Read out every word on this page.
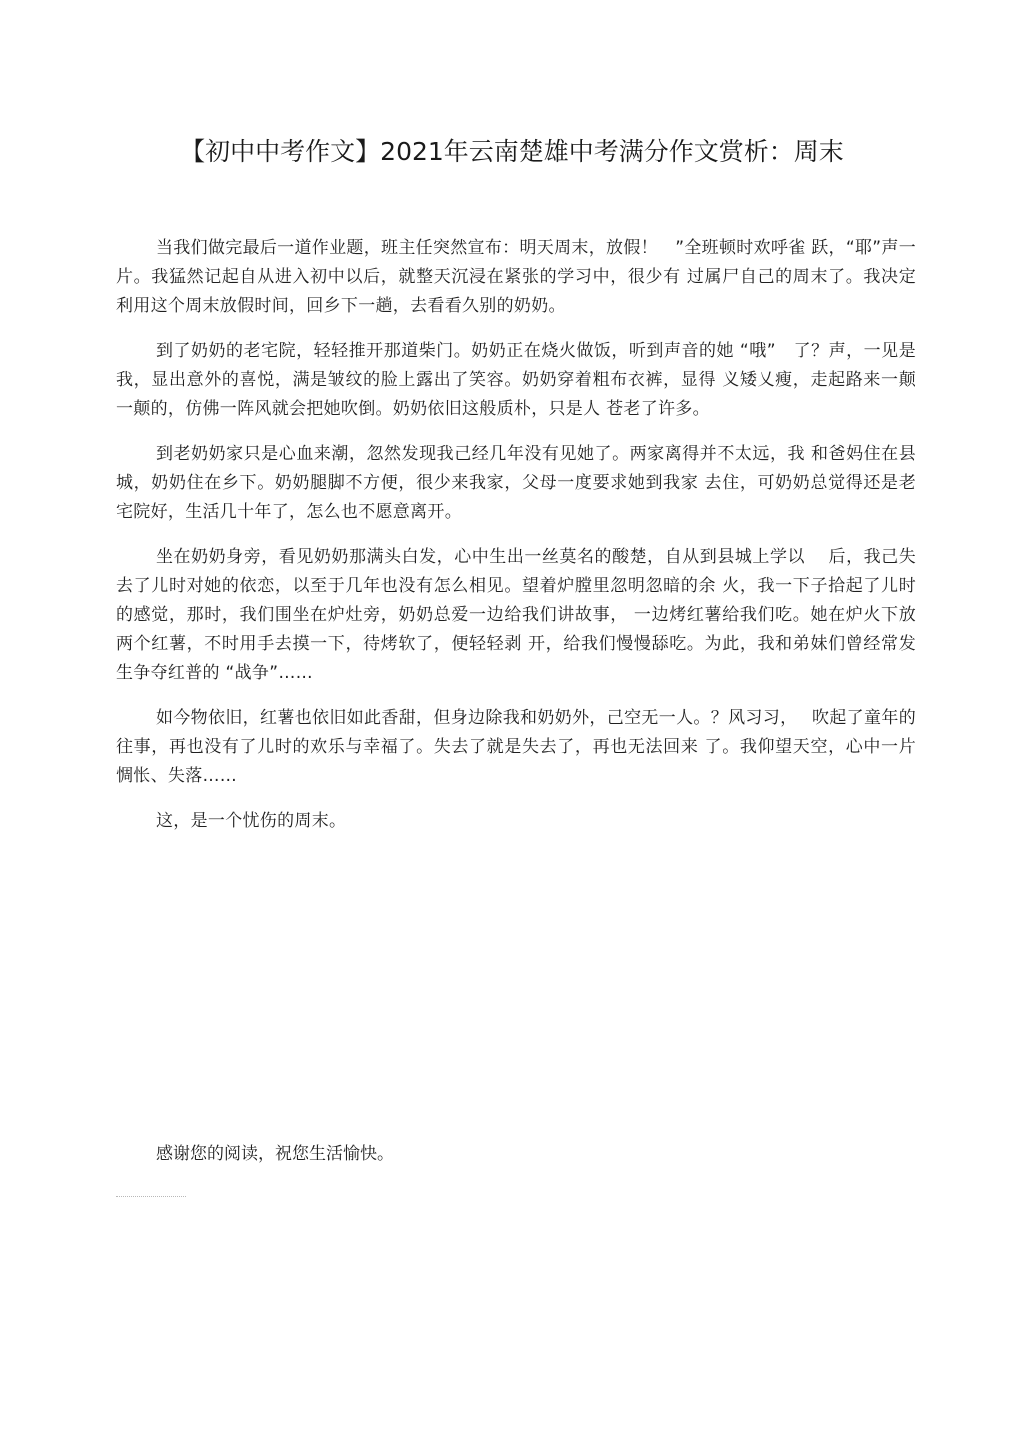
【初中中考作文】2021年云南楚雄中考满分作文赏析：周末

当我们做完最后一道作业题，班主任突然宣布：明天周末，放假！　”全班顿时欢呼雀 跃，“耶”声一片。我猛然记起自从进入初中以后，就整天沉浸在紧张的学习中，很少有 过属尸自己的周末了。我决定利用这个周末放假时间，回乡下一趟，去看看久别的奶奶。

到了奶奶的老宅院，轻轻推开那道柴门。奶奶正在烧火做饭，听到声音的她 “哦”　了？声，一见是我，显出意外的喜悦，满是皱纹的脸上露出了笑容。奶奶穿着粗布衣裤，显得 义矮乂瘦，走起路来一颠一颠的，仿佛一阵风就会把她吹倒。奶奶依旧这般质朴，只是人 苍老了许多。

到老奶奶家只是心血来潮，忽然发现我己经几年没有见她了。两家离得并不太远，我 和爸妈住在县城，奶奶住在乡下。奶奶腿脚不方便，很少来我家，父母一度要求她到我家 去住，可奶奶总觉得还是老宅院好，生活几十年了，怎么也不愿意离开。

坐在奶奶身旁，看见奶奶那满头白发，心中生出一丝莫名的酸楚，自从到县城上学以　 后，我己失去了儿时对她的依恋，以至于几年也没有怎么相见。望着炉膛里忽明忽暗的余 火，我一下子拾起了儿时的感觉，那时，我们围坐在炉灶旁，奶奶总爱一边给我们讲故事， 一边烤红薯给我们吃。她在炉火下放两个红薯，不时用手去摸一下，待烤软了，便轻轻剥 开，给我们慢慢舔吃。为此，我和弟妹们曾经常发生争夺红普的 “战争”……

如今物依旧，红薯也依旧如此香甜，但身边除我和奶奶外，己空无一人。？风习习，　 吹起了童年的往事，再也没有了儿时的欢乐与幸福了。失去了就是失去了，再也无法回来 了。我仰望天空，心中一片惆怅、失落……

这，是一个忧伤的周末。

感谢您的阅读，祝您生活愉快。
